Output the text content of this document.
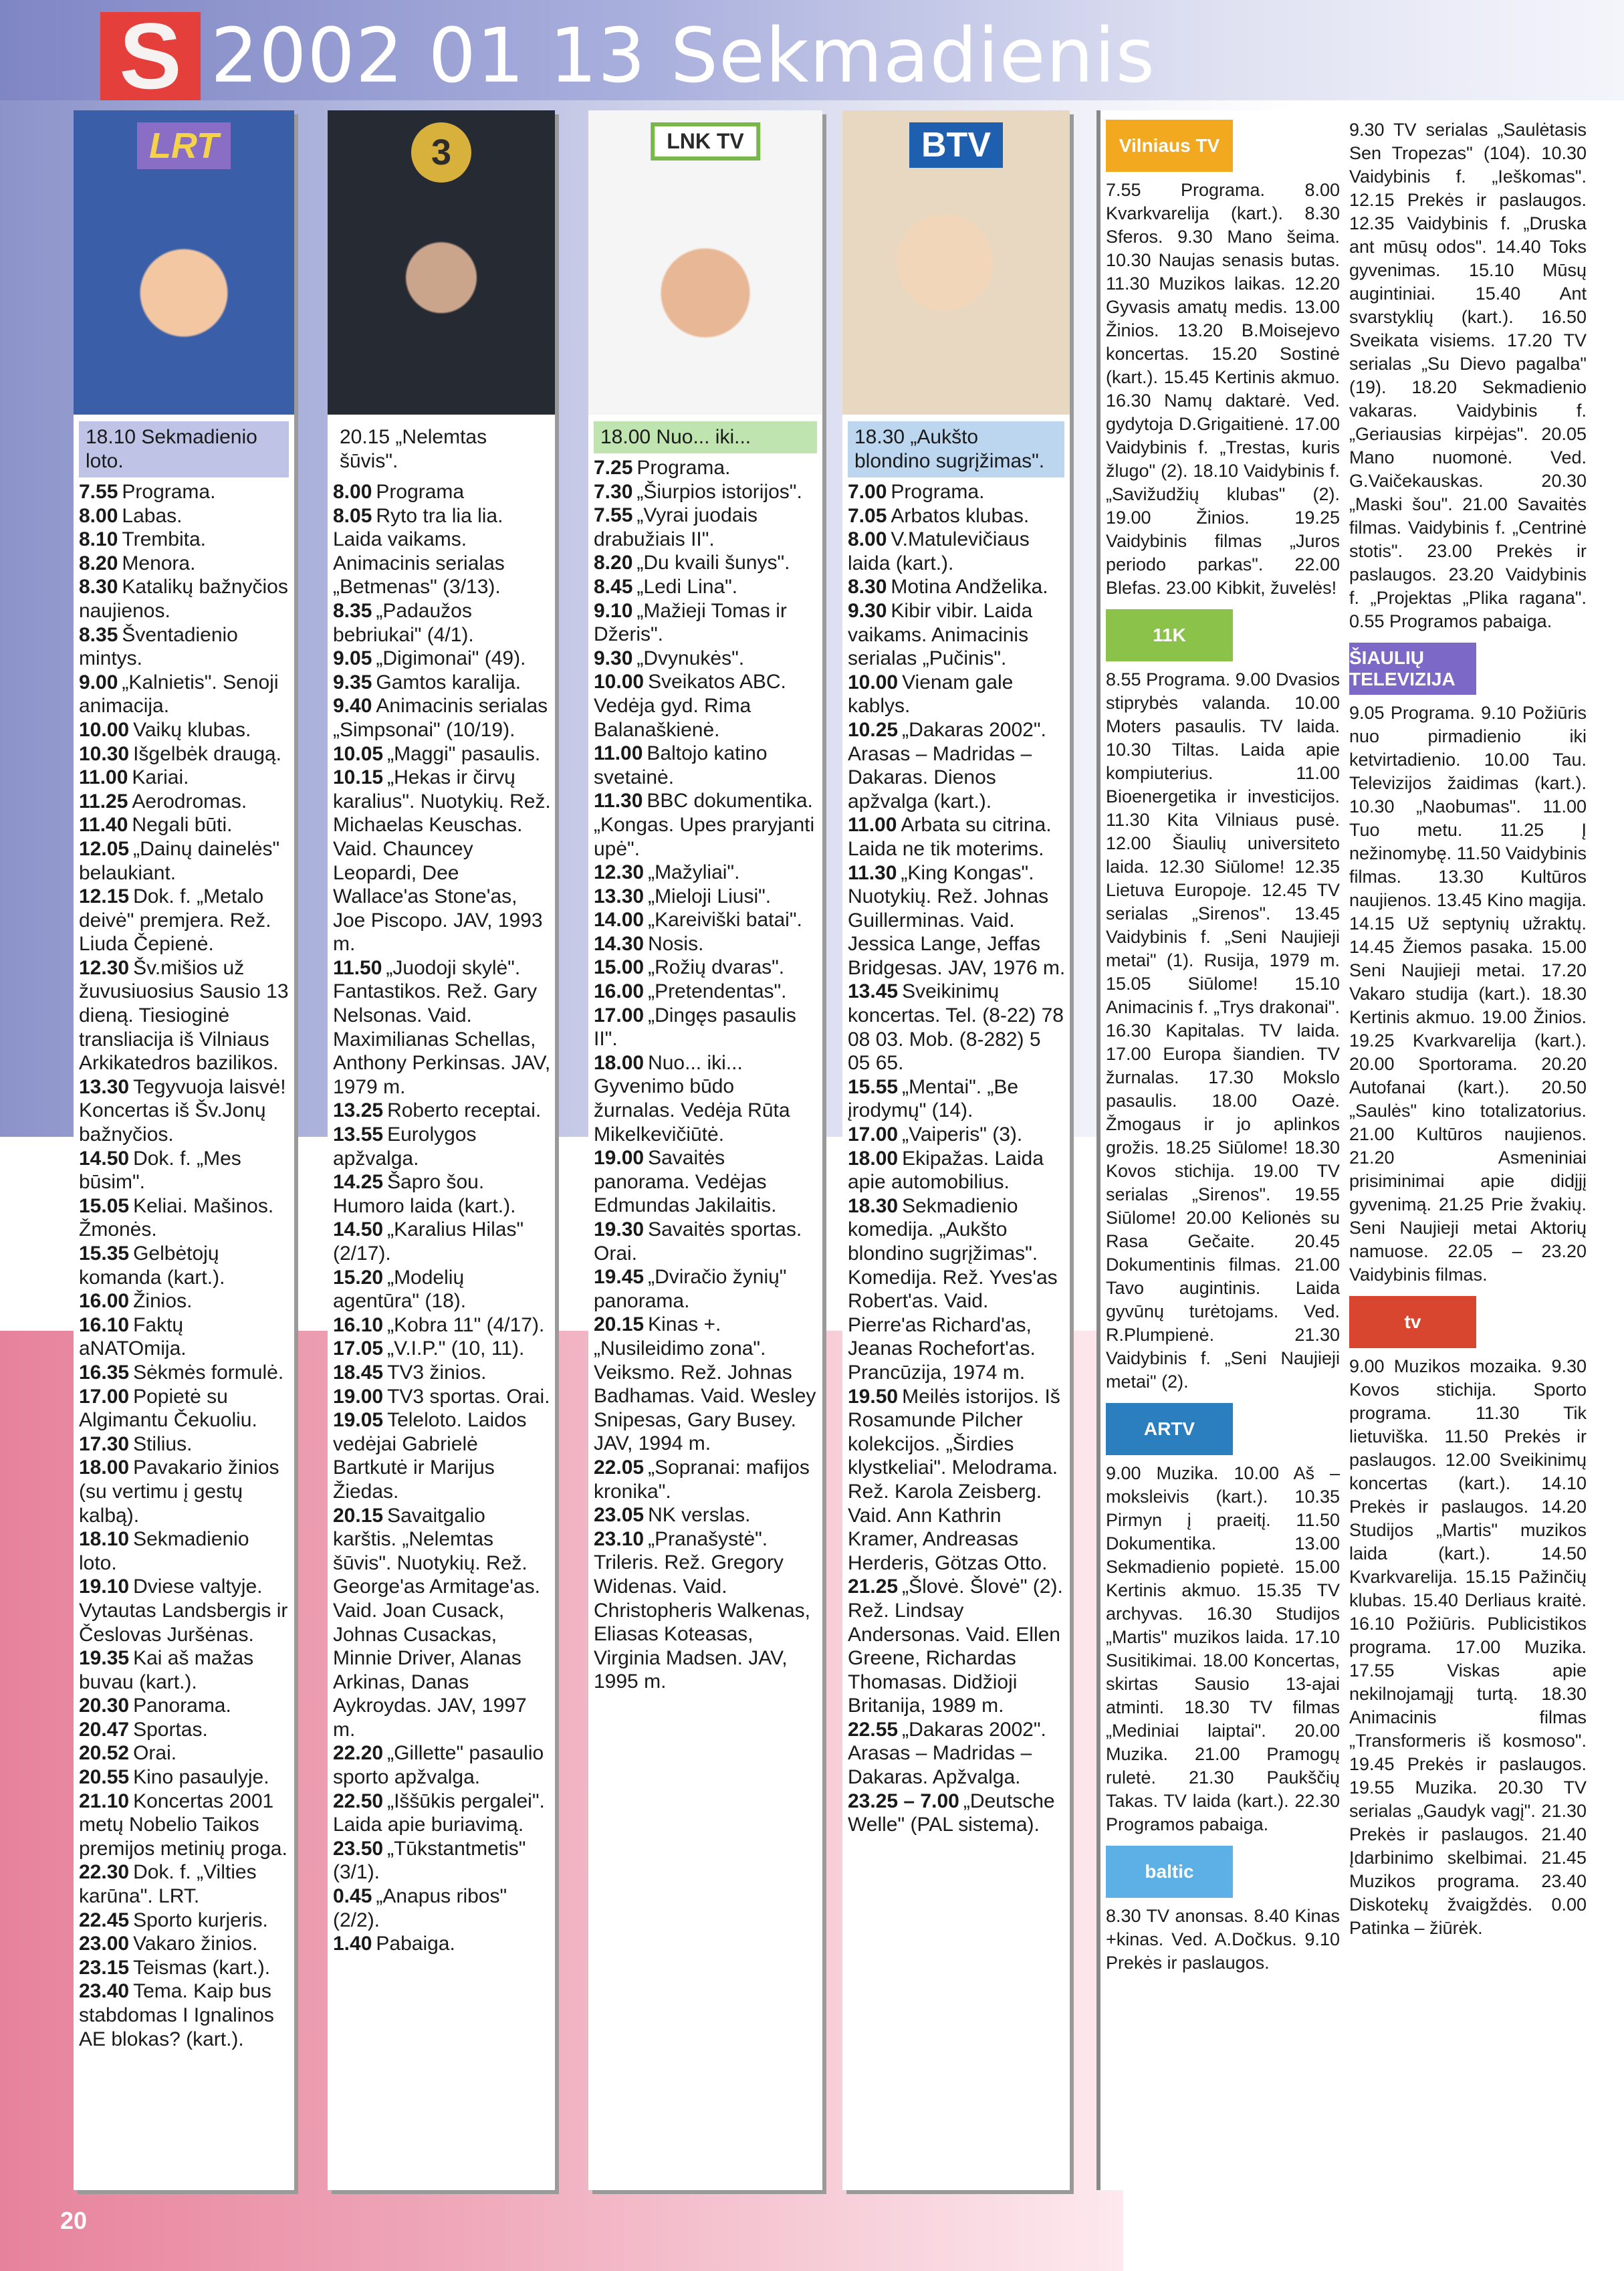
S 2002 01 13 Sekmadienis
LRT
18.10 Sekmadienio loto.

7.55 Programa.

8.00 Labas.

8.10 Trembita.

8.20 Menora.

8.30 Katalikų bažnyčios naujienos.

8.35 Šventadienio mintys.

9.00 „Kalnietis". Senoji animacija.

10.00 Vaikų klubas.

10.30 Išgelbėk draugą.

11.00 Kariai.

11.25 Aerodromas.

11.40 Negali būti.

12.05 „Dainų dainelės" belaukiant.

12.15 Dok. f. „Metalo deivė" premjera. Rež. Liuda Čepienė.

12.30 Šv.mišios už žuvusiuosius Sausio 13 dieną. Tiesioginė transliacija iš Vilniaus Arkikatedros bazilikos.

13.30 Tegyvuoja laisvė! Koncertas iš Šv.Jonų bažnyčios.

14.50 Dok. f. „Mes būsim".

15.05 Keliai. Mašinos. Žmonės.

15.35 Gelbėtojų komanda (kart.).

16.00 Žinios.

16.10 Faktų aNATOmija.

16.35 Sėkmės formulė.

17.00 Popietė su Algimantu Čekuoliu.

17.30 Stilius.

18.00 Pavakario žinios (su vertimu į gestų kalbą).

18.10 Sekmadienio loto.

19.10 Dviese valtyje. Vytautas Landsbergis ir Česlovas Juršėnas.

19.35 Kai aš mažas buvau (kart.).

20.30 Panorama.

20.47 Sportas.

20.52 Orai.

20.55 Kino pasaulyje.

21.10 Koncertas 2001 metų Nobelio Taikos premijos metinių proga.

22.30 Dok. f. „Vilties karūna". LRT.

22.45 Sporto kurjeris.

23.00 Vakaro žinios.

23.15 Teismas (kart.).

23.40 Tema. Kaip bus stabdomas I Ignalinos AE blokas? (kart.).

3
20.15 „Nelemtas šūvis".

8.00 Programa

8.05 Ryto tra lia lia. Laida vaikams. Animacinis serialas „Betmenas" (3/13).

8.35 „Padaužos bebriukai" (4/1).

9.05 „Digimonai" (49).

9.35 Gamtos karalija.

9.40 Animacinis serialas „Simpsonai" (10/19).

10.05 „Maggi" pasaulis.

10.15 „Hekas ir čirvų karalius". Nuotykių. Rež. Michaelas Keuschas. Vaid. Chauncey Leopardi, Dee Wallace'as Stone'as, Joe Piscopo. JAV, 1993 m.

11.50 „Juodoji skylė". Fantastikos. Rež. Gary Nelsonas. Vaid. Maximilianas Schellas, Anthony Perkinsas. JAV, 1979 m.

13.25 Roberto receptai.

13.55 Eurolygos apžvalga.

14.25 Šapro šou. Humoro laida (kart.).

14.50 „Karalius Hilas" (2/17).

15.20 „Modelių agentūra" (18).

16.10 „Kobra 11" (4/17).

17.05 „V.I.P." (10, 11).

18.45 TV3 žinios.

19.00 TV3 sportas. Orai.

19.05 Teleloto. Laidos vedėjai Gabrielė Bartkutė ir Marijus Žiedas.

20.15 Savaitgalio karštis. „Nelemtas šūvis". Nuotykių. Rež. George'as Armitage'as. Vaid. Joan Cusack, Johnas Cusackas, Minnie Driver, Alanas Arkinas, Danas Aykroydas. JAV, 1997 m.

22.20 „Gillette" pasaulio sporto apžvalga.

22.50 „Iššūkis pergalei". Laida apie buriavimą.

23.50 „Tūkstantmetis" (3/1).

0.45 „Anapus ribos" (2/2).

1.40 Pabaiga.

LNK TV
18.00 Nuo... iki...

7.25 Programa.

7.30 „Šiurpios istorijos".

7.55 „Vyrai juodais drabužiais II".

8.20 „Du kvaili šunys".

8.45 „Ledi Lina".

9.10 „Mažieji Tomas ir Džeris".

9.30 „Dvynukės".

10.00 Sveikatos ABC. Vedėja gyd. Rima Balanaškienė.

11.00 Baltojo katino svetainė.

11.30 BBC dokumentika. „Kongas. Upes praryjanti upė".

12.30 „Mažyliai".

13.30 „Mieloji Liusi".

14.00 „Kareiviški batai".

14.30 Nosis.

15.00 „Rožių dvaras".

16.00 „Pretendentas".

17.00 „Dingęs pasaulis II".

18.00 Nuo... iki... Gyvenimo būdo žurnalas. Vedėja Rūta Mikelkevičiūtė.

19.00 Savaitės panorama. Vedėjas Edmundas Jakilaitis.

19.30 Savaitės sportas. Orai.

19.45 „Dviračio žynių" panorama.

20.15 Kinas +. „Nusileidimo zona". Veiksmo. Rež. Johnas Badhamas. Vaid. Wesley Snipesas, Gary Busey. JAV, 1994 m.

22.05 „Sopranai: mafijos kronika".

23.05 NK verslas.

23.10 „Pranašystė". Trileris. Rež. Gregory Widenas. Vaid. Christopheris Walkenas, Eliasas Koteasas, Virginia Madsen. JAV, 1995 m.

BTV
18.30 „Aukšto blondino sugrįžimas".

7.00 Programa.

7.05 Arbatos klubas.

8.00 V.Matulevičiaus laida (kart.).

8.30 Motina Andželika.

9.30 Kibir vibir. Laida vaikams. Animacinis serialas „Pučinis".

10.00 Vienam gale kablys.

10.25 „Dakaras 2002". Arasas – Madridas – Dakaras. Dienos apžvalga (kart.).

11.00 Arbata su citrina. Laida ne tik moterims.

11.30 „King Kongas". Nuotykių. Rež. Johnas Guillerminas. Vaid. Jessica Lange, Jeffas Bridgesas. JAV, 1976 m.

13.45 Sveikinimų koncertas. Tel. (8-22) 78 08 03. Mob. (8-282) 5 05 65.

15.55 „Mentai". „Be įrodymų" (14).

17.00 „Vaiperis" (3).

18.00 Ekipažas. Laida apie automobilius.

18.30 Sekmadienio komedija. „Aukšto blondino sugrįžimas". Komedija. Rež. Yves'as Robert'as. Vaid. Pierre'as Richard'as, Jeanas Rochefort'as. Prancūzija, 1974 m.

19.50 Meilės istorijos. Iš Rosamunde Pilcher kolekcijos. „Širdies klystkeliai". Melodrama. Rež. Karola Zeisberg. Vaid. Ann Kathrin Kramer, Andreasas Herderis, Götzas Otto.

21.25 „Šlovė. Šlovė" (2). Rež. Lindsay Andersonas. Vaid. Ellen Greene, Richardas Thomasas. Didžioji Britanija, 1989 m.

22.55 „Dakaras 2002". Arasas – Madridas – Dakaras. Apžvalga.

23.25 – 7.00 „Deutsche Welle" (PAL sistema).

Vilniaus TV

7.55 Programa. 8.00 Kvarkvarelija (kart.). 8.30 Sferos. 9.30 Mano šeima. 10.30 Naujas senasis butas. 11.30 Muzikos laikas. 12.20 Gyvasis amatų medis. 13.00 Žinios. 13.20 B.Moisejevo koncertas. 15.20 Sostinė (kart.). 15.45 Kertinis akmuo. 16.30 Namų daktarė. Ved. gydytoja D.Grigaitienė. 17.00 Vaidybinis f. „Trestas, kuris žlugo" (2). 18.10 Vaidybinis f. „Savižudžių klubas" (2). 19.00 Žinios. 19.25 Vaidybinis filmas „Juros periodo parkas". 22.00 Blefas. 23.00 Kibkit, žuvelės!

11K

8.55 Programa. 9.00 Dvasios stiprybės valanda. 10.00 Moters pasaulis. TV laida. 10.30 Tiltas. Laida apie kompiuterius. 11.00 Bioenergetika ir investicijos. 11.30 Kita Vilniaus pusė. 12.00 Šiaulių universiteto laida. 12.30 Siūlome! 12.35 Lietuva Europoje. 12.45 TV serialas „Sirenos". 13.45 Vaidybinis f. „Seni Naujieji metai" (1). Rusija, 1979 m. 15.05 Siūlome! 15.10 Animacinis f. „Trys drakonai". 16.30 Kapitalas. TV laida. 17.00 Europa šiandien. TV žurnalas. 17.30 Mokslo pasaulis. 18.00 Oazė. Žmogaus ir jo aplinkos grožis. 18.25 Siūlome! 18.30 Kovos stichija. 19.00 TV serialas „Sirenos". 19.55 Siūlome! 20.00 Kelionės su Rasa Gečaite. 20.45 Dokumentinis filmas. 21.00 Tavo augintinis. Laida gyvūnų turėtojams. Ved. R.Plumpienė. 21.30 Vaidybinis f. „Seni Naujieji metai" (2).

ARTV

9.00 Muzika. 10.00 Aš – moksleivis (kart.). 10.35 Pirmyn į praeitį. 11.50 Dokumentika. 13.00 Sekmadienio popietė. 15.00 Kertinis akmuo. 15.35 TV archyvas. 16.30 Studijos „Martis" muzikos laida. 17.10 Susitikimai. 18.00 Koncertas, skirtas Sausio 13-ajai atminti. 18.30 TV filmas „Mediniai laiptai". 20.00 Muzika. 21.00 Pramogų ruletė. 21.30 Paukščių Takas. TV laida (kart.). 22.30 Programos pabaiga.

baltic

8.30 TV anonsas. 8.40 Kinas +kinas. Ved. A.Dočkus. 9.10 Prekės ir paslaugos.

9.30 TV serialas „Saulėtasis Sen Tropezas" (104). 10.30 Vaidybinis f. „Ieškomas". 12.15 Prekės ir paslaugos. 12.35 Vaidybinis f. „Druska ant mūsų odos". 14.40 Toks gyvenimas. 15.10 Mūsų augintiniai. 15.40 Ant svarstyklių (kart.). 16.50 Sveikata visiems. 17.20 TV serialas „Su Dievo pagalba" (19). 18.20 Sekmadienio vakaras. Vaidybinis f. „Geriausias kirpėjas". 20.05 Mano nuomonė. Ved. G.Vaičekauskas. 20.30 „Maski šou". 21.00 Savaitės filmas. Vaidybinis f. „Centrinė stotis". 23.00 Prekės ir paslaugos. 23.20 Vaidybinis f. „Projektas „Plika ragana". 0.55 Programos pabaiga.

ŠIAULIŲ TELEVIZIJA

9.05 Programa. 9.10 Požiūris nuo pirmadienio iki ketvirtadienio. 10.00 Tau. Televizijos žaidimas (kart.). 10.30 „Naobumas". 11.00 Tuo metu. 11.25 Į nežinomybę. 11.50 Vaidybinis filmas. 13.30 Kultūros naujienos. 13.45 Kino magija. 14.15 Už septynių užraktų. 14.45 Žiemos pasaka. 15.00 Seni Naujieji metai. 17.20 Vakaro studija (kart.). 18.30 Kertinis akmuo. 19.00 Žinios. 19.25 Kvarkvarelija (kart.). 20.00 Sportorama. 20.20 Autofanai (kart.). 20.50 „Saulės" kino totalizatorius. 21.00 Kultūros naujienos. 21.20 Asmeniniai prisiminimai apie didįjį gyvenimą. 21.25 Prie žvakių. Seni Naujieji metai Aktorių namuose. 22.05 – 23.20 Vaidybinis filmas.

tv

9.00 Muzikos mozaika. 9.30 Kovos stichija. Sporto programa. 11.30 Tik lietuviška. 11.50 Prekės ir paslaugos. 12.00 Sveikinimų koncertas (kart.). 14.10 Prekės ir paslaugos. 14.20 Studijos „Martis" muzikos laida (kart.). 14.50 Kvarkvarelija. 15.15 Pažinčių klubas. 15.40 Derliaus kraitė. 16.10 Požiūris. Publicistikos programa. 17.00 Muzika. 17.55 Viskas apie nekilnojamąjį turtą. 18.30 Animacinis filmas „Transformeris iš kosmoso". 19.45 Prekės ir paslaugos. 19.55 Muzika. 20.30 TV serialas „Gaudyk vagį". 21.30 Prekės ir paslaugos. 21.40 Įdarbinimo skelbimai. 21.45 Muzikos programa. 23.40 Diskotekų žvaigždės. 0.00 Patinka – žiūrėk.

20
